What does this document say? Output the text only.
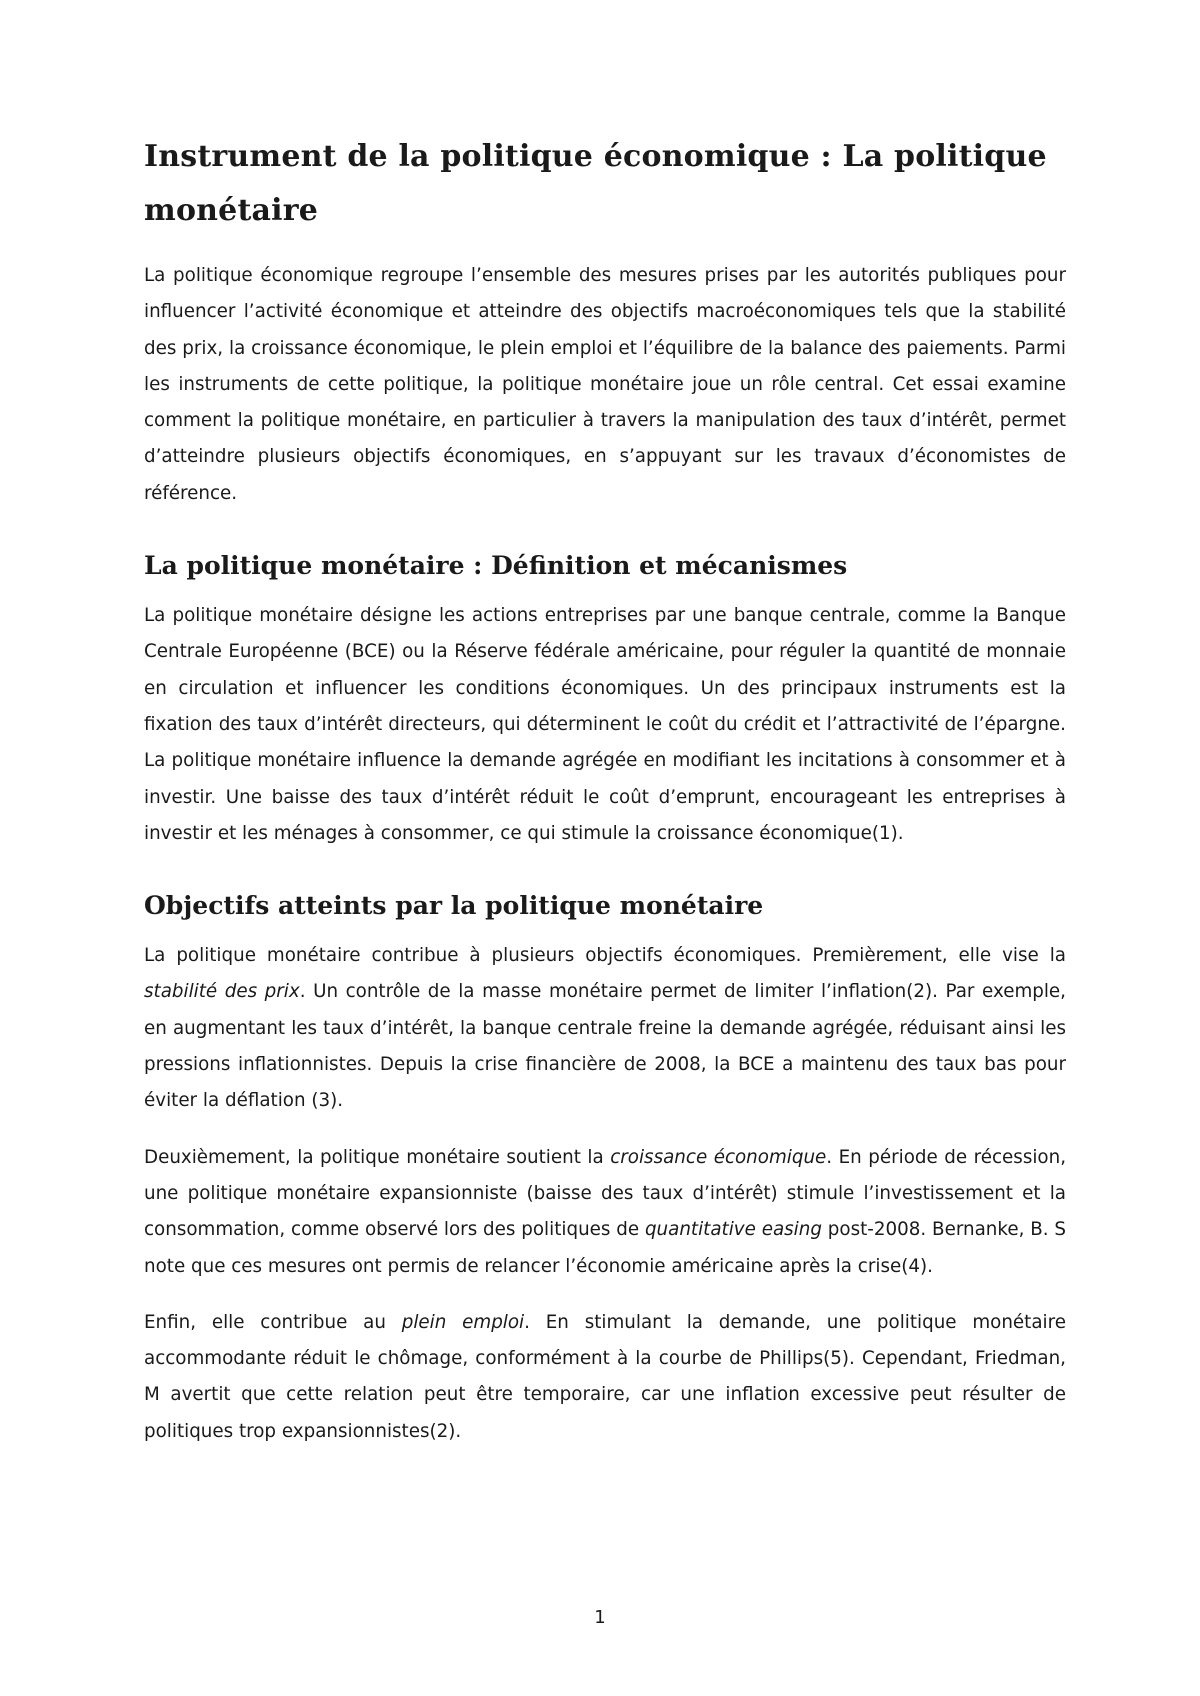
Instrument de la politique économique : La politique monétaire

La politique économique regroupe l’ensemble des mesures prises par les autorités publiques pour influencer l’activité économique et atteindre des objectifs macroéconomiques tels que la stabilité des prix, la croissance économique, le plein emploi et l’équilibre de la balance des paiements. Parmi les instruments de cette politique, la politique monétaire joue un rôle central. Cet essai examine comment la politique monétaire, en particulier à travers la manipulation des taux d’intérêt, permet d’atteindre plusieurs objectifs économiques, en s’appuyant sur les travaux d’économistes de référence.

La politique monétaire : Définition et mécanismes

La politique monétaire désigne les actions entreprises par une banque centrale, comme la Banque Centrale Européenne (BCE) ou la Réserve fédérale américaine, pour réguler la quantité de monnaie en circulation et influencer les conditions économiques. Un des principaux instruments est la fixation des taux d’intérêt directeurs, qui déterminent le coût du crédit et l’attractivité de l’épargne. La politique monétaire influence la demande agrégée en modifiant les incitations à consommer et à investir. Une baisse des taux d’intérêt réduit le coût d’emprunt, encourageant les entreprises à investir et les ménages à consommer, ce qui stimule la croissance économique(1).

Objectifs atteints par la politique monétaire

La politique monétaire contribue à plusieurs objectifs économiques. Premièrement, elle vise la stabilité des prix. Un contrôle de la masse monétaire permet de limiter l’inflation(2). Par exemple, en augmentant les taux d’intérêt, la banque centrale freine la demande agrégée, réduisant ainsi les pressions inflationnistes. Depuis la crise financière de 2008, la BCE a maintenu des taux bas pour éviter la déflation (3).

Deuxièmement, la politique monétaire soutient la croissance économique. En période de récession, une politique monétaire expansionniste (baisse des taux d’intérêt) stimule l’investissement et la consommation, comme observé lors des politiques de quantitative easing post-2008. Bernanke, B. S note que ces mesures ont permis de relancer l’économie américaine après la crise(4).

Enfin, elle contribue au plein emploi. En stimulant la demande, une politique monétaire accommodante réduit le chômage, conformément à la courbe de Phillips(5). Cependant, Friedman, M avertit que cette relation peut être temporaire, car une inflation excessive peut résulter de politiques trop expansionnistes(2).

1
